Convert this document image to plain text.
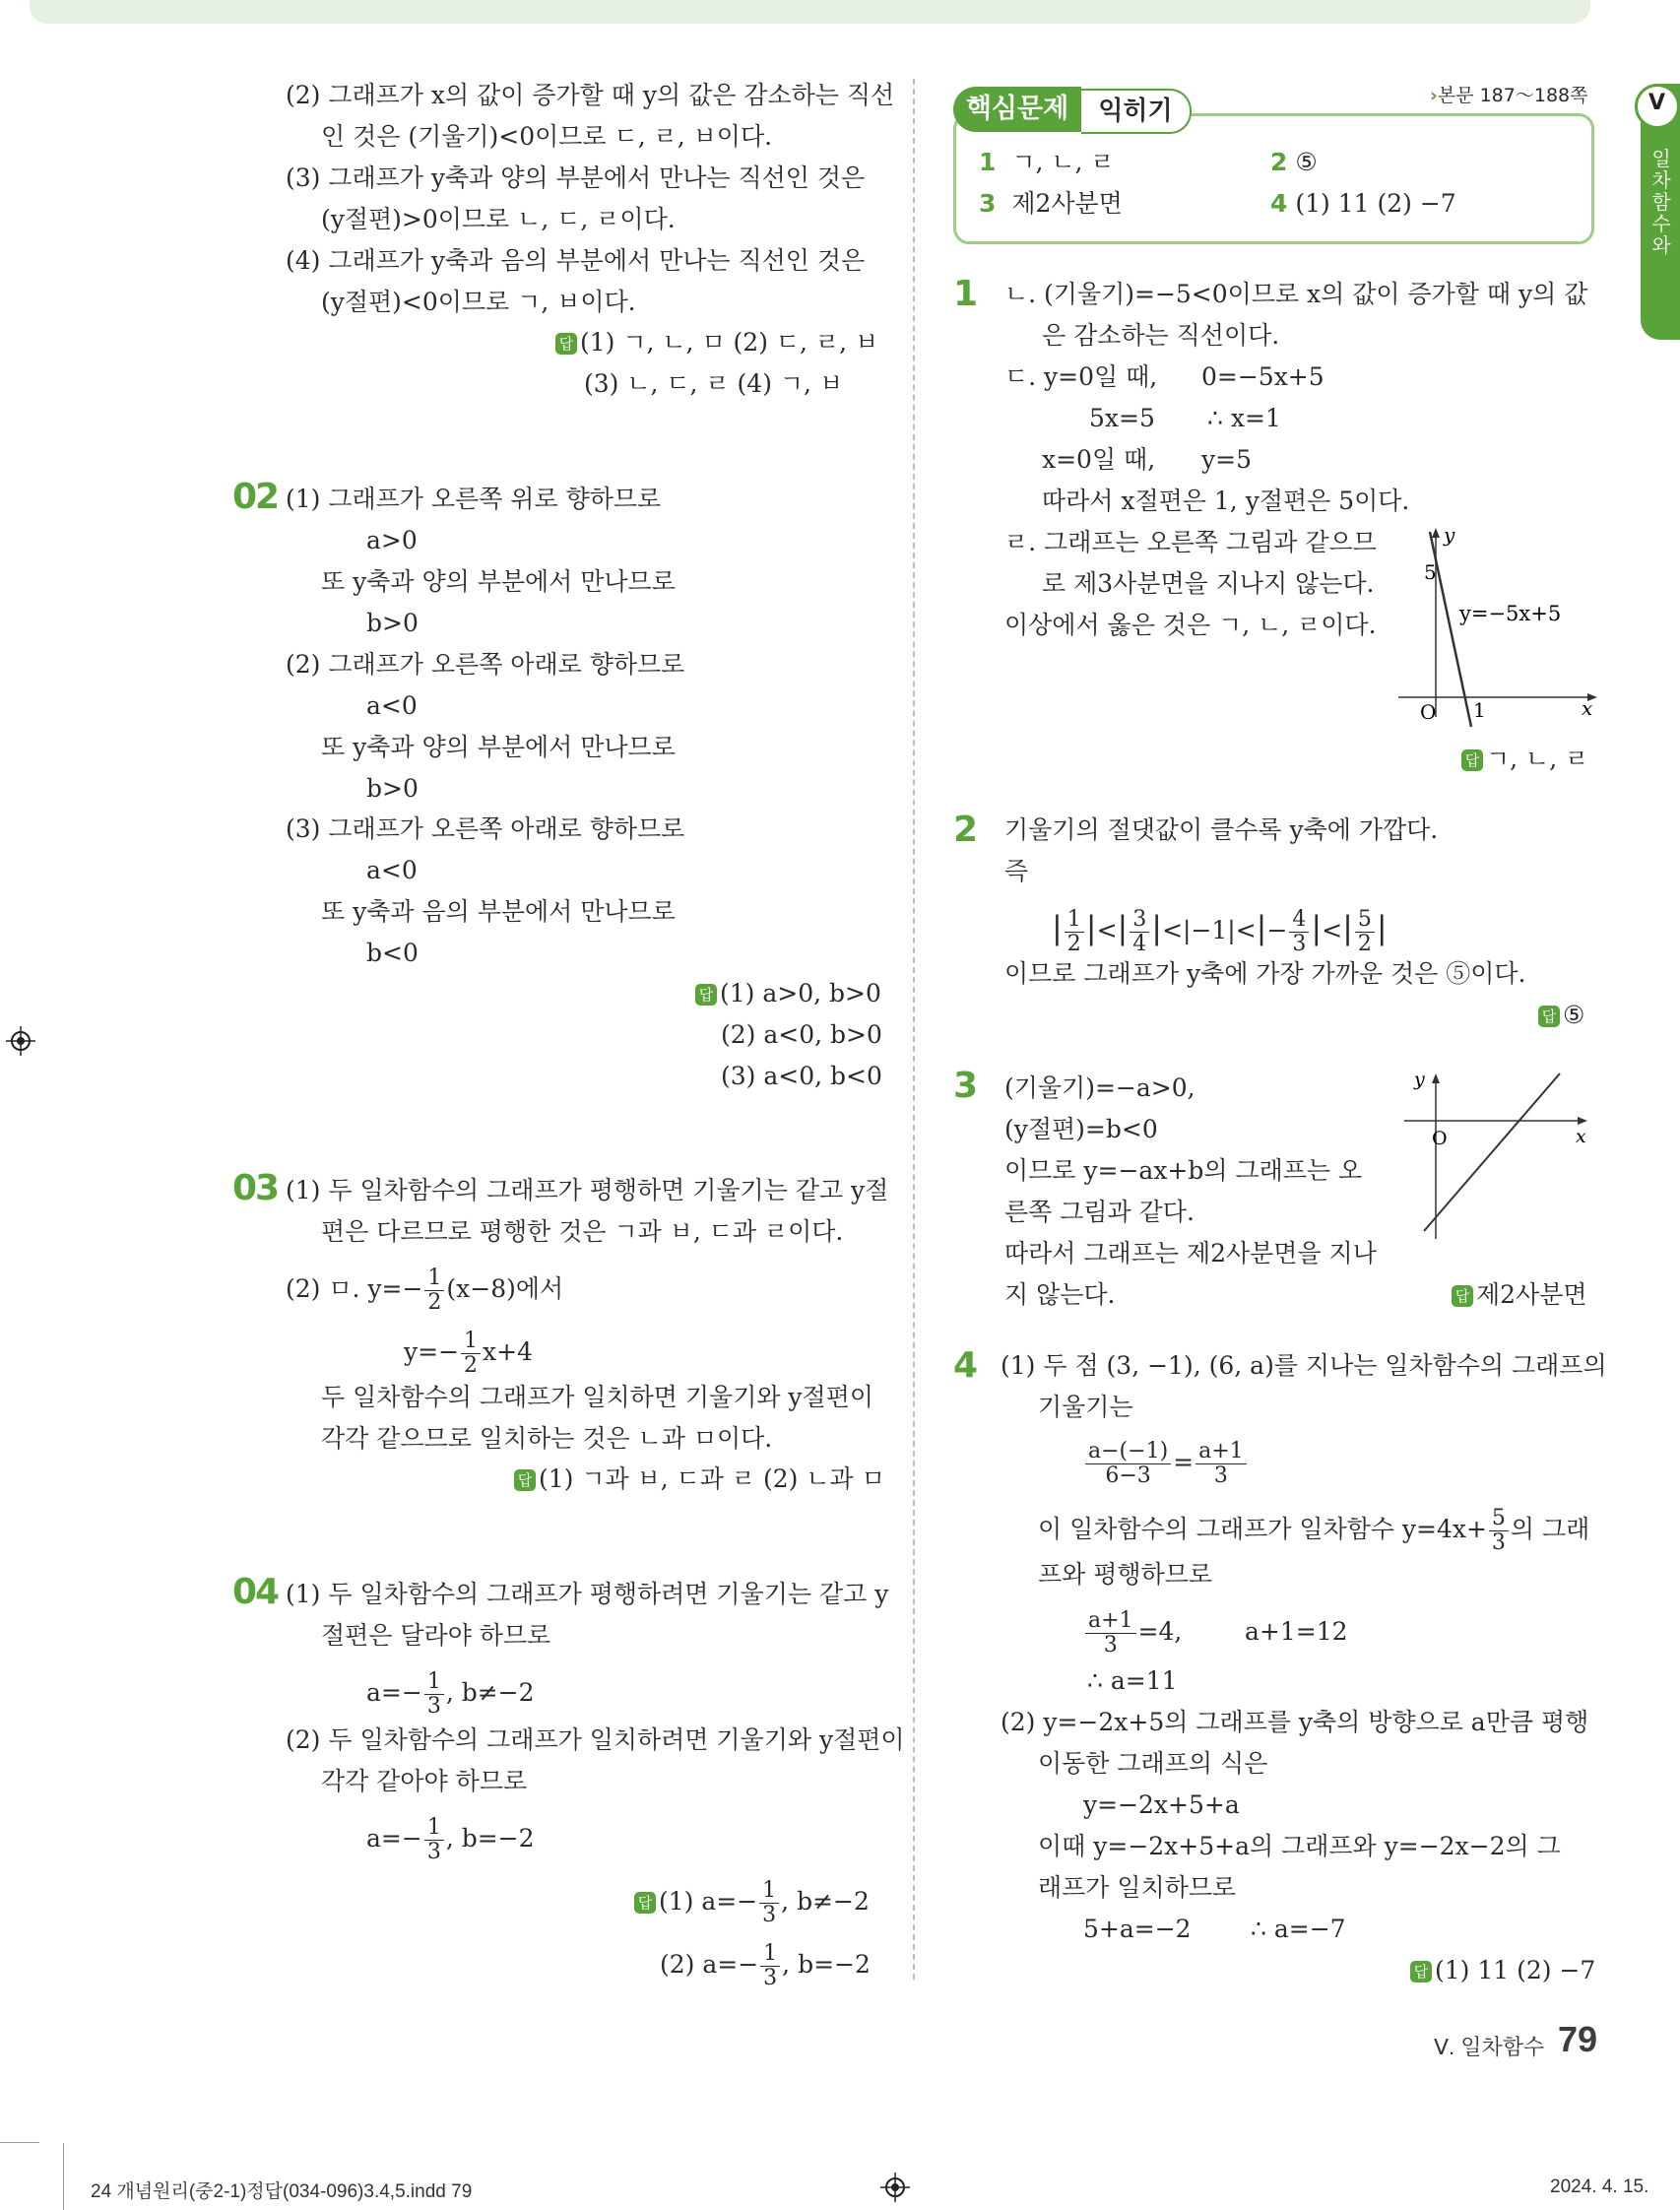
(2) 그래프가 x의 값이 증가할 때 y의 값은 감소하는 직선
인 것은 (기울기)<0이므로 ㄷ, ㄹ, ㅂ이다.
(3) 그래프가 y축과 양의 부분에서 만나는 직선인 것은
(y절편)>0이므로 ㄴ, ㄷ, ㄹ이다.
(4) 그래프가 y축과 음의 부분에서 만나는 직선인 것은
(y절편)<0이므로 ㄱ, ㅂ이다.
답 (1) ㄱ, ㄴ, ㅁ (2) ㄷ, ㄹ, ㅂ
(3) ㄴ, ㄷ, ㄹ (4) ㄱ, ㅂ
02 (1) 그래프가 오른쪽 위로 향하므로
a>0
또 y축과 양의 부분에서 만나므로
b>0
(2) 그래프가 오른쪽 아래로 향하므로
a<0
또 y축과 양의 부분에서 만나므로
b>0
(3) 그래프가 오른쪽 아래로 향하므로
a<0
또 y축과 음의 부분에서 만나므로
b<0
답 (1) a>0, b>0
(2) a<0, b>0
(3) a<0, b<0
03 (1) 두 일차함수의 그래프가 평행하면 기울기는 같고 y절
편은 다르므로 평행한 것은 ㄱ과 ㅂ, ㄷ과 ㄹ이다.
(2) ㅁ. $y=- \frac{1}{2} (x-8)$에서
$y=- \frac{1}{2} x+4$
두 일차함수의 그래프가 일치하면 기울기와 y절편이
각각 같으므로 일치하는 것은 ㄴ과 ㅁ이다.
답 (1) ㄱ과 ㅂ, ㄷ과 ㄹ (2) ㄴ과 ㅁ
04 (1) 두 일차함수의 그래프가 평행하려면 기울기는 같고 y
절편은 달라야 하므로
$a=- \frac{1}{3}$ , b≠−2
(2) 두 일차함수의 그래프가 일치하려면 기울기와 y절편이
각각 같아야 하므로
$a=- \frac{1}{3}$ , b=−2
답 (1) $a=- \frac{1}{3}$ , b≠−2
(2) $a=- \frac{1}{3}$ , b=−2
익히기
핵심문제	›본문 187～188쪽
1 ㄱ, ㄴ, ㄹ	2 ⑤
3 제2사분면	4 (1) 11 (2) −7
1 ㄴ. (기울기)=−5<0이므로 x의 값이 증가할 때 y의 값
은 감소하는 직선이다.
ㄷ. y=0일 때, 0=−5x+5
5x=5 ∴ x=1
x=0일 때, y=5
따라서 x절편은 1, y절편은 5이다.
ㄹ. 그래프는 오른쪽 그림과 같으므
로 제3사분면을 지나지 않는다.
이상에서 옳은 것은 ㄱ, ㄴ, ㄹ이다.
y
x
O
5
1
y=−5x+5
답 ㄱ, ㄴ, ㄹ
2 기울기의 절댓값이 클수록 y축에 가깝다.
즉
| $\frac{1}{2}$ |<| $\frac{3}{4} |<|-1|<|- \frac{4}{3}$ |<| $\frac{5}{2}$ |
이므로 그래프가 y축에 가장 가까운 것은 ⑤이다.
답 ⑤
3 (기울기)=−a>0,
(y절편)=b<0
이므로 y=−ax+b의 그래프는 오
른쪽 그림과 같다.
따라서 그래프는 제2사분면을 지나
지 않는다.
y
x
O
답 제2사분면
4 (1) 두 점 (3, −1), (6, a)를 지나는 일차함수의 그래프의
기울기는
$\frac{a-(-1)}{6-3} = \frac{a+1}{3}$
이 일차함수의 그래프가 일차함수 $y=4x+ \frac{5}{3}$ 의 그래
프와 평행하므로
$\frac{a+1}{3} =4$,	a+1=12
∴ a=11
(2) y=−2x+5의 그래프를 y축의 방향으로 a만큼 평행
이동한 그래프의 식은
y=−2x+5+a
이때 y=−2x+5+a의 그래프와 y=−2x−2의 그
래프가 일치하므로
5+a=−2 ∴ a=−7
답 (1) 11 (2) −7
V
일차함수와
Ⅴ. 일차함수 79
24 개념원리(중2-1)정답(034-096)3.4,5.indd 79	2024. 4. 15.
